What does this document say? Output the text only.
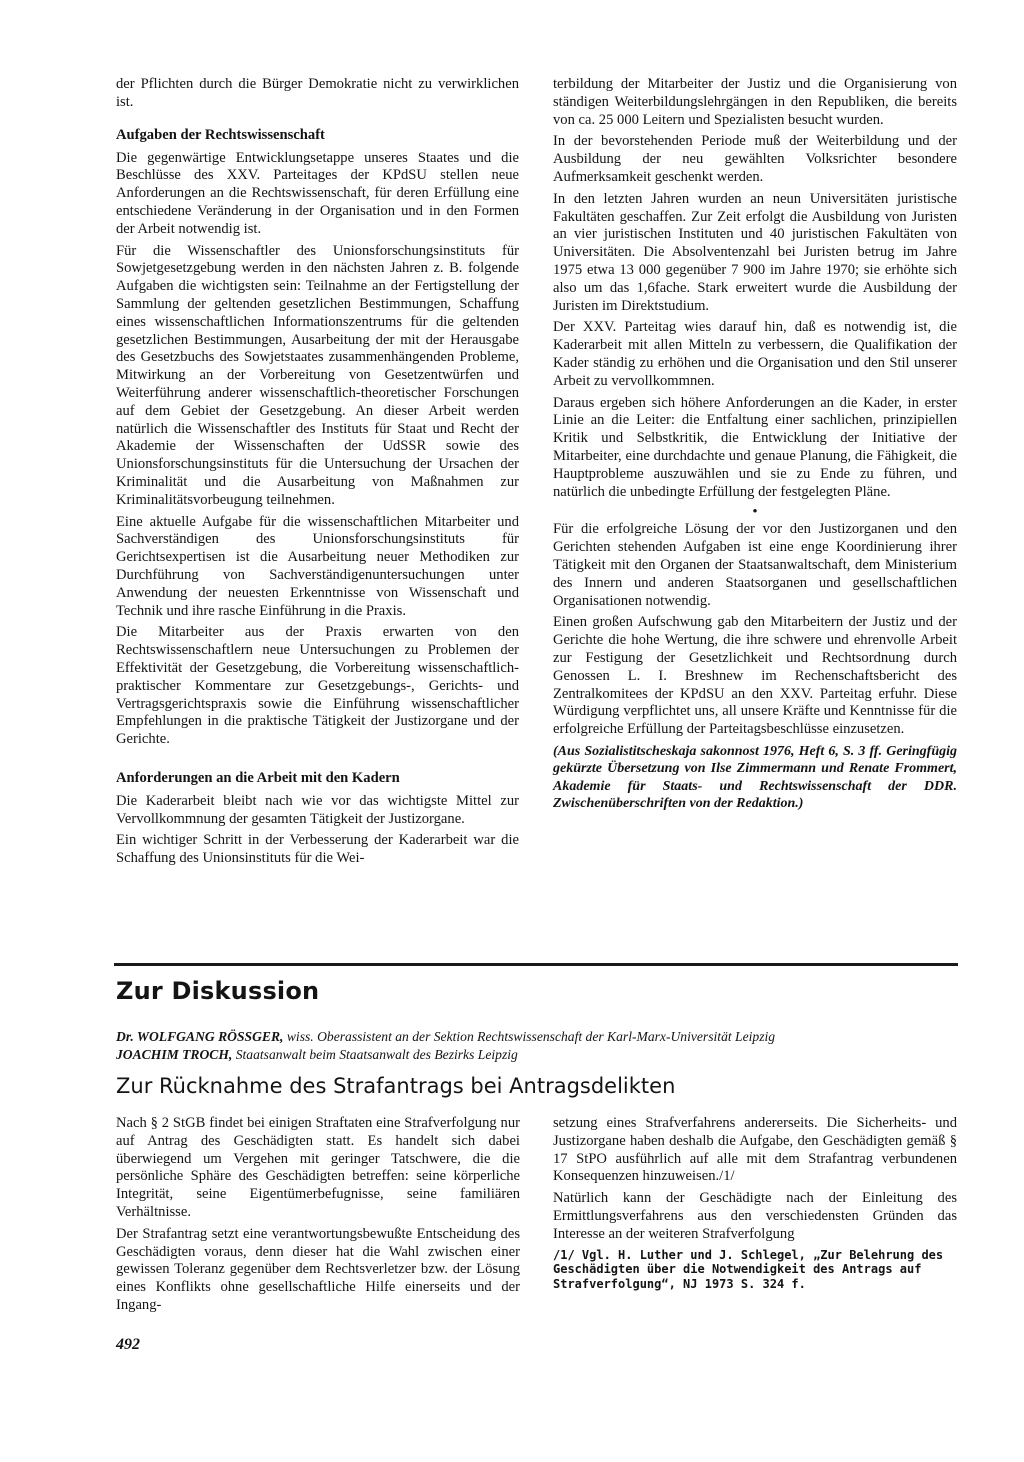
der Pflichten durch die Bürger Demokratie nicht zu verwirklichen ist.

Aufgaben der Rechtswissenschaft

Die gegenwärtige Entwicklungsetappe unseres Staates und die Beschlüsse des XXV. Parteitages der KPdSU stellen neue Anforderungen an die Rechtswissenschaft, für deren Erfüllung eine entschiedene Veränderung in der Organisation und in den Formen der Arbeit notwendig ist.

Für die Wissenschaftler des Unionsforschungsinstituts für Sowjetgesetzgebung werden in den nächsten Jahren z. B. folgende Aufgaben die wichtigsten sein: Teilnahme an der Fertigstellung der Sammlung der geltenden gesetzlichen Bestimmungen, Schaffung eines wissenschaftlichen Informationszentrums für die geltenden gesetzlichen Bestimmungen, Ausarbeitung der mit der Herausgabe des Gesetzbuchs des Sowjetstaates zusammenhängenden Probleme, Mitwirkung an der Vorbereitung von Gesetzentwürfen und Weiterführung anderer wissenschaftlich-theoretischer Forschungen auf dem Gebiet der Gesetzgebung. An dieser Arbeit werden natürlich die Wissenschaftler des Instituts für Staat und Recht der Akademie der Wissenschaften der UdSSR sowie des Unionsforschungsinstituts für die Untersuchung der Ursachen der Kriminalität und die Ausarbeitung von Maßnahmen zur Kriminalitätsvorbeugung teilnehmen.

Eine aktuelle Aufgabe für die wissenschaftlichen Mitarbeiter und Sachverständigen des Unionsforschungsinstituts für Gerichtsexpertisen ist die Ausarbeitung neuer Methodiken zur Durchführung von Sachverständigenuntersuchungen unter Anwendung der neuesten Erkenntnisse von Wissenschaft und Technik und ihre rasche Einführung in die Praxis.

Die Mitarbeiter aus der Praxis erwarten von den Rechtswissenschaftlern neue Untersuchungen zu Problemen der Effektivität der Gesetzgebung, die Vorbereitung wissenschaftlich-praktischer Kommentare zur Gesetzgebungs-, Gerichts- und Vertragsgerichtspraxis sowie die Einführung wissenschaftlicher Empfehlungen in die praktische Tätigkeit der Justizorgane und der Gerichte.

Anforderungen an die Arbeit mit den Kadern

Die Kaderarbeit bleibt nach wie vor das wichtigste Mittel zur Vervollkommnung der gesamten Tätigkeit der Justizorgane.

Ein wichtiger Schritt in der Verbesserung der Kaderarbeit war die Schaffung des Unionsinstituts für die Wei-

terbildung der Mitarbeiter der Justiz und die Organisierung von ständigen Weiterbildungslehrgängen in den Republiken, die bereits von ca. 25 000 Leitern und Spezialisten besucht wurden.

In der bevorstehenden Periode muß der Weiterbildung und der Ausbildung der neu gewählten Volksrichter besondere Aufmerksamkeit geschenkt werden.

In den letzten Jahren wurden an neun Universitäten juristische Fakultäten geschaffen. Zur Zeit erfolgt die Ausbildung von Juristen an vier juristischen Instituten und 40 juristischen Fakultäten von Universitäten. Die Absolventenzahl bei Juristen betrug im Jahre 1975 etwa 13 000 gegenüber 7 900 im Jahre 1970; sie erhöhte sich also um das 1,6fache. Stark erweitert wurde die Ausbildung der Juristen im Direktstudium.

Der XXV. Parteitag wies darauf hin, daß es notwendig ist, die Kaderarbeit mit allen Mitteln zu verbessern, die Qualifikation der Kader ständig zu erhöhen und die Organisation und den Stil unserer Arbeit zu vervollkommnen.

Daraus ergeben sich höhere Anforderungen an die Kader, in erster Linie an die Leiter: die Entfaltung einer sachlichen, prinzipiellen Kritik und Selbstkritik, die Entwicklung der Initiative der Mitarbeiter, eine durchdachte und genaue Planung, die Fähigkeit, die Hauptprobleme auszuwählen und sie zu Ende zu führen, und natürlich die unbedingte Erfüllung der festgelegten Pläne.

•

Für die erfolgreiche Lösung der vor den Justizorganen und den Gerichten stehenden Aufgaben ist eine enge Koordinierung ihrer Tätigkeit mit den Organen der Staatsanwaltschaft, dem Ministerium des Innern und anderen Staatsorganen und gesellschaftlichen Organisationen notwendig.

Einen großen Aufschwung gab den Mitarbeitern der Justiz und der Gerichte die hohe Wertung, die ihre schwere und ehrenvolle Arbeit zur Festigung der Gesetzlichkeit und Rechtsordnung durch Genossen L. I. Breshnew im Rechenschaftsbericht des Zentralkomitees der KPdSU an den XXV. Parteitag erfuhr. Diese Würdigung verpflichtet uns, all unsere Kräfte und Kenntnisse für die erfolgreiche Erfüllung der Parteitagsbeschlüsse einzusetzen.

(Aus Sozialistitscheskaja sakonnost 1976, Heft 6, S. 3 ff. Geringfügig gekürzte Übersetzung von Ilse Zimmermann und Renate Frommert, Akademie für Staats- und Rechtswissenschaft der DDR. Zwischenüberschriften von der Redaktion.)

Zur Diskussion
Dr. WOLFGANG RÖSSGER, wiss. Oberassistent an der Sektion Rechtswissenschaft der Karl-Marx-Universität Leipzig
JOACHIM TROCH, Staatsanwalt beim Staatsanwalt des Bezirks Leipzig
Zur Rücknahme des Strafantrags bei Antragsdelikten

Nach § 2 StGB findet bei einigen Straftaten eine Strafverfolgung nur auf Antrag des Geschädigten statt. Es handelt sich dabei überwiegend um Vergehen mit geringer Tatschwere, die die persönliche Sphäre des Geschädigten betreffen: seine körperliche Integrität, seine Eigentümerbefugnisse, seine familiären Verhältnisse.

Der Strafantrag setzt eine verantwortungsbewußte Entscheidung des Geschädigten voraus, denn dieser hat die Wahl zwischen einer gewissen Toleranz gegenüber dem Rechtsverletzer bzw. der Lösung eines Konflikts ohne gesellschaftliche Hilfe einerseits und der Ingang-

setzung eines Strafverfahrens andererseits. Die Sicherheits- und Justizorgane haben deshalb die Aufgabe, den Geschädigten gemäß § 17 StPO ausführlich auf alle mit dem Strafantrag verbundenen Konsequenzen hinzuweisen./1/

Natürlich kann der Geschädigte nach der Einleitung des Ermittlungsverfahrens aus den verschiedensten Gründen das Interesse an der weiteren Strafverfolgung

/1/ Vgl. H. Luther und J. Schlegel, „Zur Belehrung des Geschädigten über die Notwendigkeit des Antrags auf Strafverfolgung“, NJ 1973 S. 324 f.

492
